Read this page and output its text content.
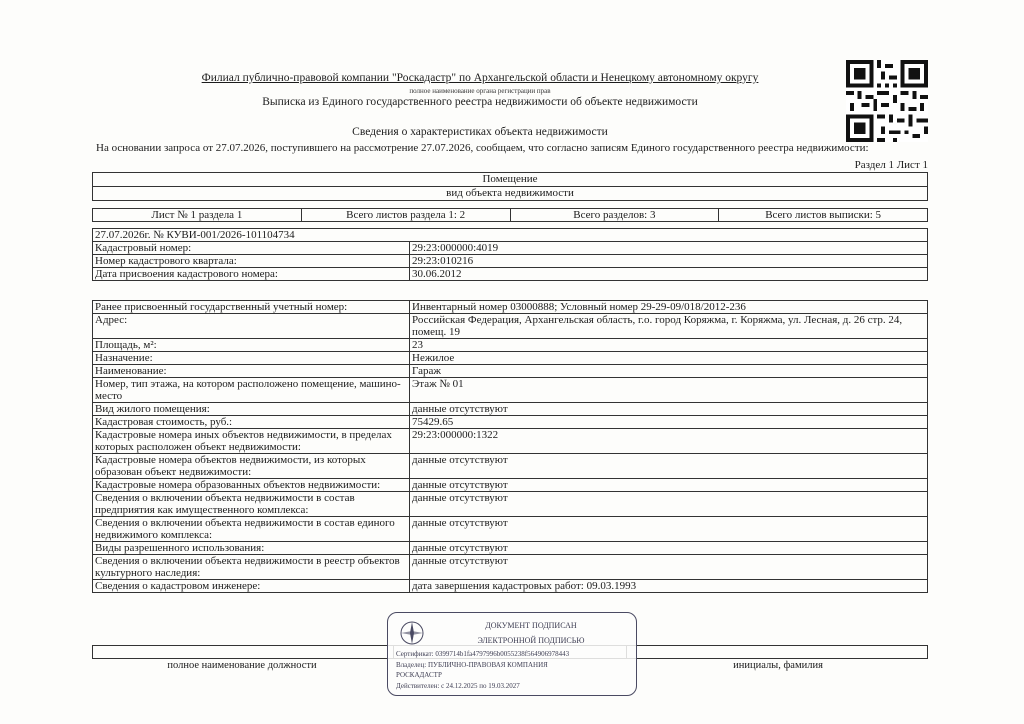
Филиал публично-правовой компании "Роскадастр" по Архангельской области и Ненецкому автономному округу
полное наименование органа регистрации прав
Выписка из Единого государственного реестра недвижимости об объекте недвижимости
Сведения о характеристиках объекта недвижимости
На основании запроса от 27.07.2026, поступившего на рассмотрение 27.07.2026, сообщаем, что согласно записям Единого государственного реестра недвижимости:
Раздел 1 Лист 1
Помещение
вид объекта недвижимости
Лист № 1 раздела 1	Всего листов раздела 1: 2	Всего разделов: 3	Всего листов выписки: 5
27.07.2026г. № КУВИ-001/2026-101104734	
Кадастровый номер:	29:23:000000:4019
Номер кадастрового квартала:	29:23:010216
Дата присвоения кадастрового номера:	30.06.2012
Ранее присвоенный государственный учетный номер:	Инвентарный номер 03000888; Условный номер 29-29-09/018/2012-236
Адрес:	Российская Федерация, Архангельская область, г.о. город Коряжма, г. Коряжма, ул. Лесная, д. 26 стр. 24, помещ. 19
Площадь, м²:	23
Назначение:	Нежилое
Наименование:	Гараж
Номер, тип этажа, на котором расположено помещение, машино-место	Этаж № 01
Вид жилого помещения:	данные отсутствуют
Кадастровая стоимость, руб.:	75429.65
Кадастровые номера иных объектов недвижимости, в пределах которых расположен объект недвижимости:	29:23:000000:1322
Кадастровые номера объектов недвижимости, из которых образован объект недвижимости:	данные отсутствуют
Кадастровые номера образованных объектов недвижимости:	данные отсутствуют
Сведения о включении объекта недвижимости в состав предприятия как имущественного комплекса:	данные отсутствуют
Сведения о включении объекта недвижимости в состав единого недвижимого комплекса:	данные отсутствуют
Виды разрешенного использования:	данные отсутствуют
Сведения о включении объекта недвижимости в реестр объектов культурного наследия:	данные отсутствуют
Сведения о кадастровом инженере:	дата завершения кадастровых работ: 09.03.1993

полное наименование должности	инициалы, фамилия
ДОКУМЕНТ ПОДПИСАН
ЭЛЕКТРОННОЙ ПОДПИСЬЮ
Сертификат: 0399714b1fa4797996b0055238f564906978443
Владелец: ПУБЛИЧНО-ПРАВОВАЯ КОМПАНИЯ
РОСКАДАСТР
Действителен: с 24.12.2025 по 19.03.2027
